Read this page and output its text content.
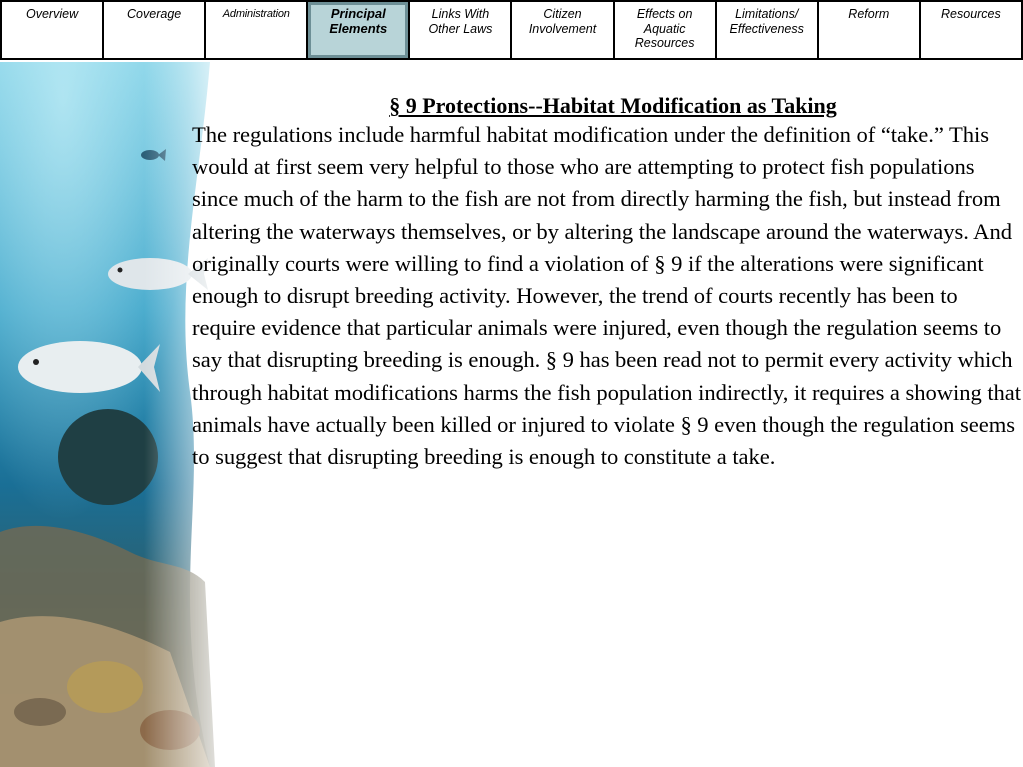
Overview	Coverage	Administration	Principal
Elements
Links With
Other Laws
Citizen
Involvement
Effects on
Aquatic
Resources
Limitations/
Effectiveness
Reform	Resources
§ 9 Protections--Habitat Modification as Taking

The regulations include harmful habitat modification under the definition of “take.” This would at first seem very helpful to those who are attempting to protect fish populations since much of the harm to the fish are not from directly harming the fish, but instead from altering the waterways themselves, or by altering the landscape around the waterways. And originally courts were willing to find a violation of § 9 if the alterations were significant enough to disrupt breeding activity. However, the trend of courts recently has been to require evidence that particular animals were injured, even though the regulation seems to say that disrupting breeding is enough. § 9 has been read not to permit every activity which through habitat modifications harms the fish population indirectly, it requires a showing that animals have actually been killed or injured to violate § 9 even though the regulation seems to suggest that disrupting breeding is enough to constitute a take.
